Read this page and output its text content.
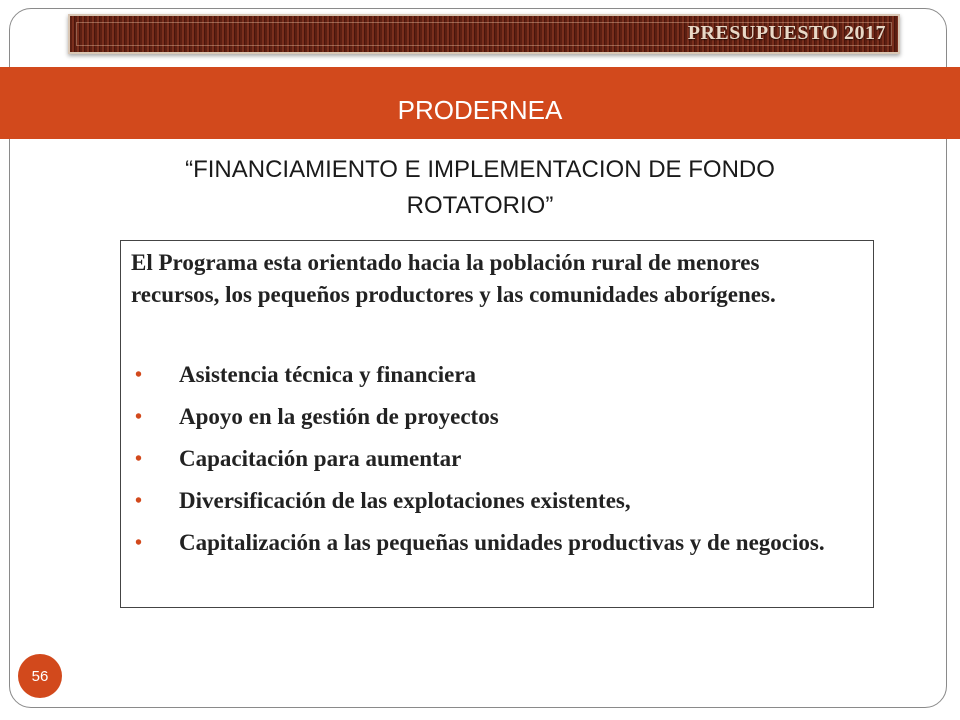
PRESUPUESTO 2017
PRODERNEA
“FINANCIAMIENTO E IMPLEMENTACION DE FONDO ROTATORIO”

El Programa esta orientado hacia la población rural de menores recursos, los pequeños productores y las comunidades aborígenes.

• Asistencia técnica y financiera
• Apoyo en la gestión de proyectos
• Capacitación para aumentar
• Diversificación de las explotaciones existentes,
• Capitalización a las pequeñas unidades productivas y de negocios.
56
